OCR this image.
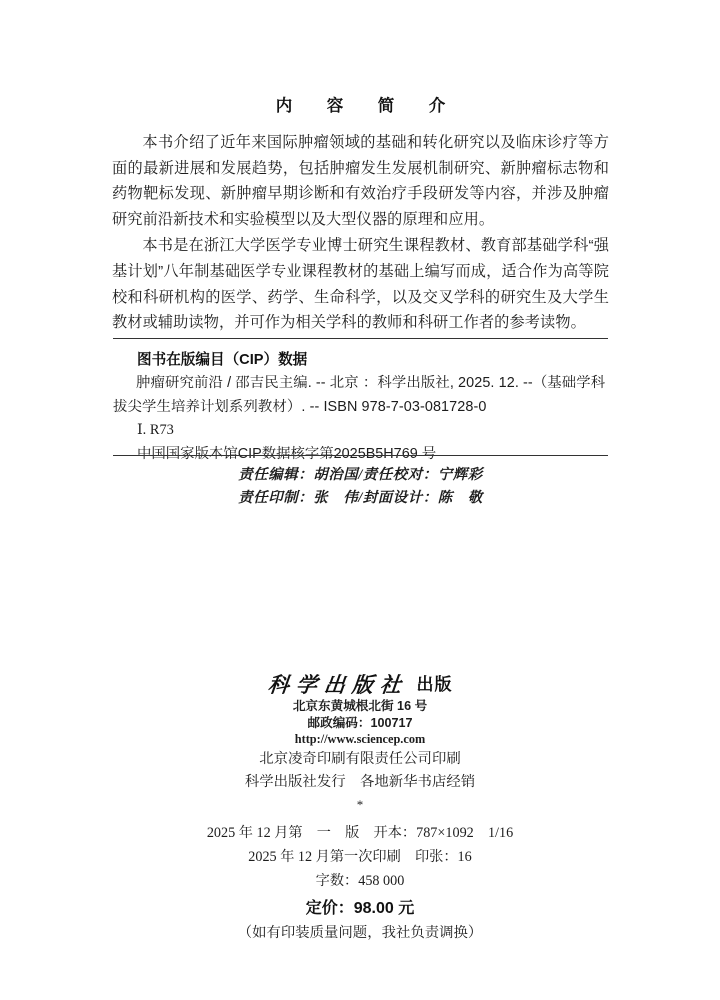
内　容　简　介

本书介绍了近年来国际肿瘤领域的基础和转化研究以及临床诊疗等方面的最新进展和发展趋势，包括肿瘤发生发展机制研究、新肿瘤标志物和药物靶标发现、新肿瘤早期诊断和有效治疗手段研发等内容，并涉及肿瘤研究前沿新技术和实验模型以及大型仪器的原理和应用。

本书是在浙江大学医学专业博士研究生课程教材、教育部基础学科“强基计划”八年制基础医学专业课程教材的基础上编写而成，适合作为高等院校和科研机构的医学、药学、生命科学，以及交叉学科的研究生及大学生教材或辅助读物，并可作为相关学科的教师和科研工作者的参考读物。

图书在版编目（CIP）数据

肿瘤研究前沿 / 邵吉民主编. -- 北京 ：科学出版社, 2025. 12. --（基础学科拔尖学生培养计划系列教材）. -- ISBN 978-7-03-081728-0

Ⅰ. R73
中国国家版本馆CIP数据核字第2025B5H769 号
责任编辑：胡治国/责任校对：宁辉彩
责任印制：张　伟/封面设计：陈　敬
科学出版社 出版
北京东黄城根北街 16 号
邮政编码：100717
http://www.sciencep.com
北京凌奇印刷有限责任公司印刷
科学出版社发行　各地新华书店经销
*
2025 年 12 月第　一　版　开本：787×1092　1/16
2025 年 12 月第一次印刷　印张：16
字数：458 000
定价：98.00 元
（如有印装质量问题，我社负责调换）
